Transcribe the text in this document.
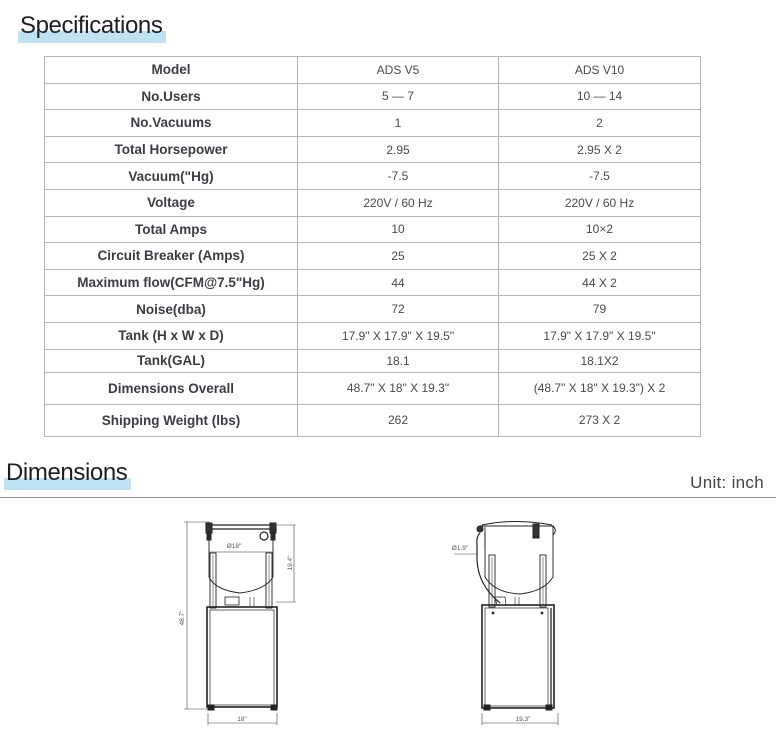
Specifications
Model	ADS V5	ADS V10
No.Users	5 — 7	10 — 14
No.Vacuums	1	2
Total Horsepower	2.95	2.95 X 2
Vacuum("Hg)	-7.5	-7.5
Voltage	220V / 60 Hz	220V / 60 Hz
Total Amps	10	10×2
Circuit Breaker (Amps)	25	25 X 2
Maximum flow(CFM@7.5"Hg)	44	44 X 2
Noise(dba)	72	79
Tank (H x W x D)	17.9" X 17.9" X 19.5"	17.9" X 17.9" X 19.5"
Tank(GAL)	18.1	18.1X2
Dimensions Overall	48.7" X 18" X 19.3"	(48.7" X 18" X 19.3") X 2
Shipping Weight (lbs)	262	273 X 2
Dimensions	Unit: inch
Ø18"
19.4"
48.7"
18"
Ø1.9"
19.3"
